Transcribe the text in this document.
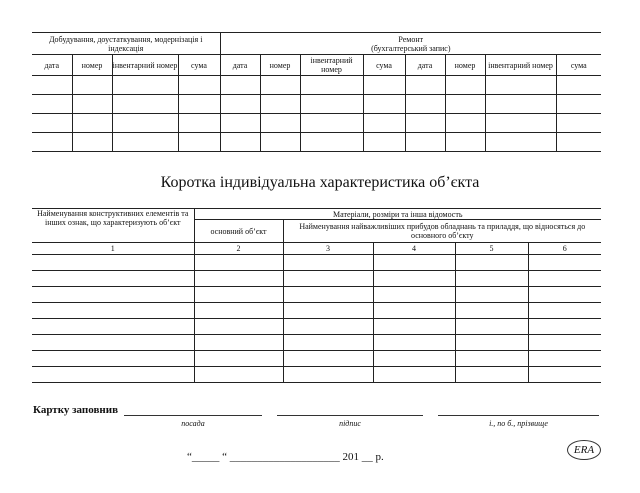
Добудування, доустаткування, модернізація і індексація				Ремонт
(бухгалтерський запис)							

дата	номер	інвентарний номер	сума	дата	номер	інвентарний номер	сума	дата	номер	інвентарний номер	сума

Коротка індивідуальна характеристика об’єкта
Найменування конструктивних елементів та інших ознак, що характеризують об’єкт	Матеріали, розміри та інша відомость				
	основний об’єкт	Найменування найважливіших прибудов обладнань та приладдя, що відносяться до основного об’єкту			
1	2	3	4	5	6

Картку заповнив
посада	підпис	і., по б., прізвище
“_____ “ ____________________ 201 __ р.
ERA
